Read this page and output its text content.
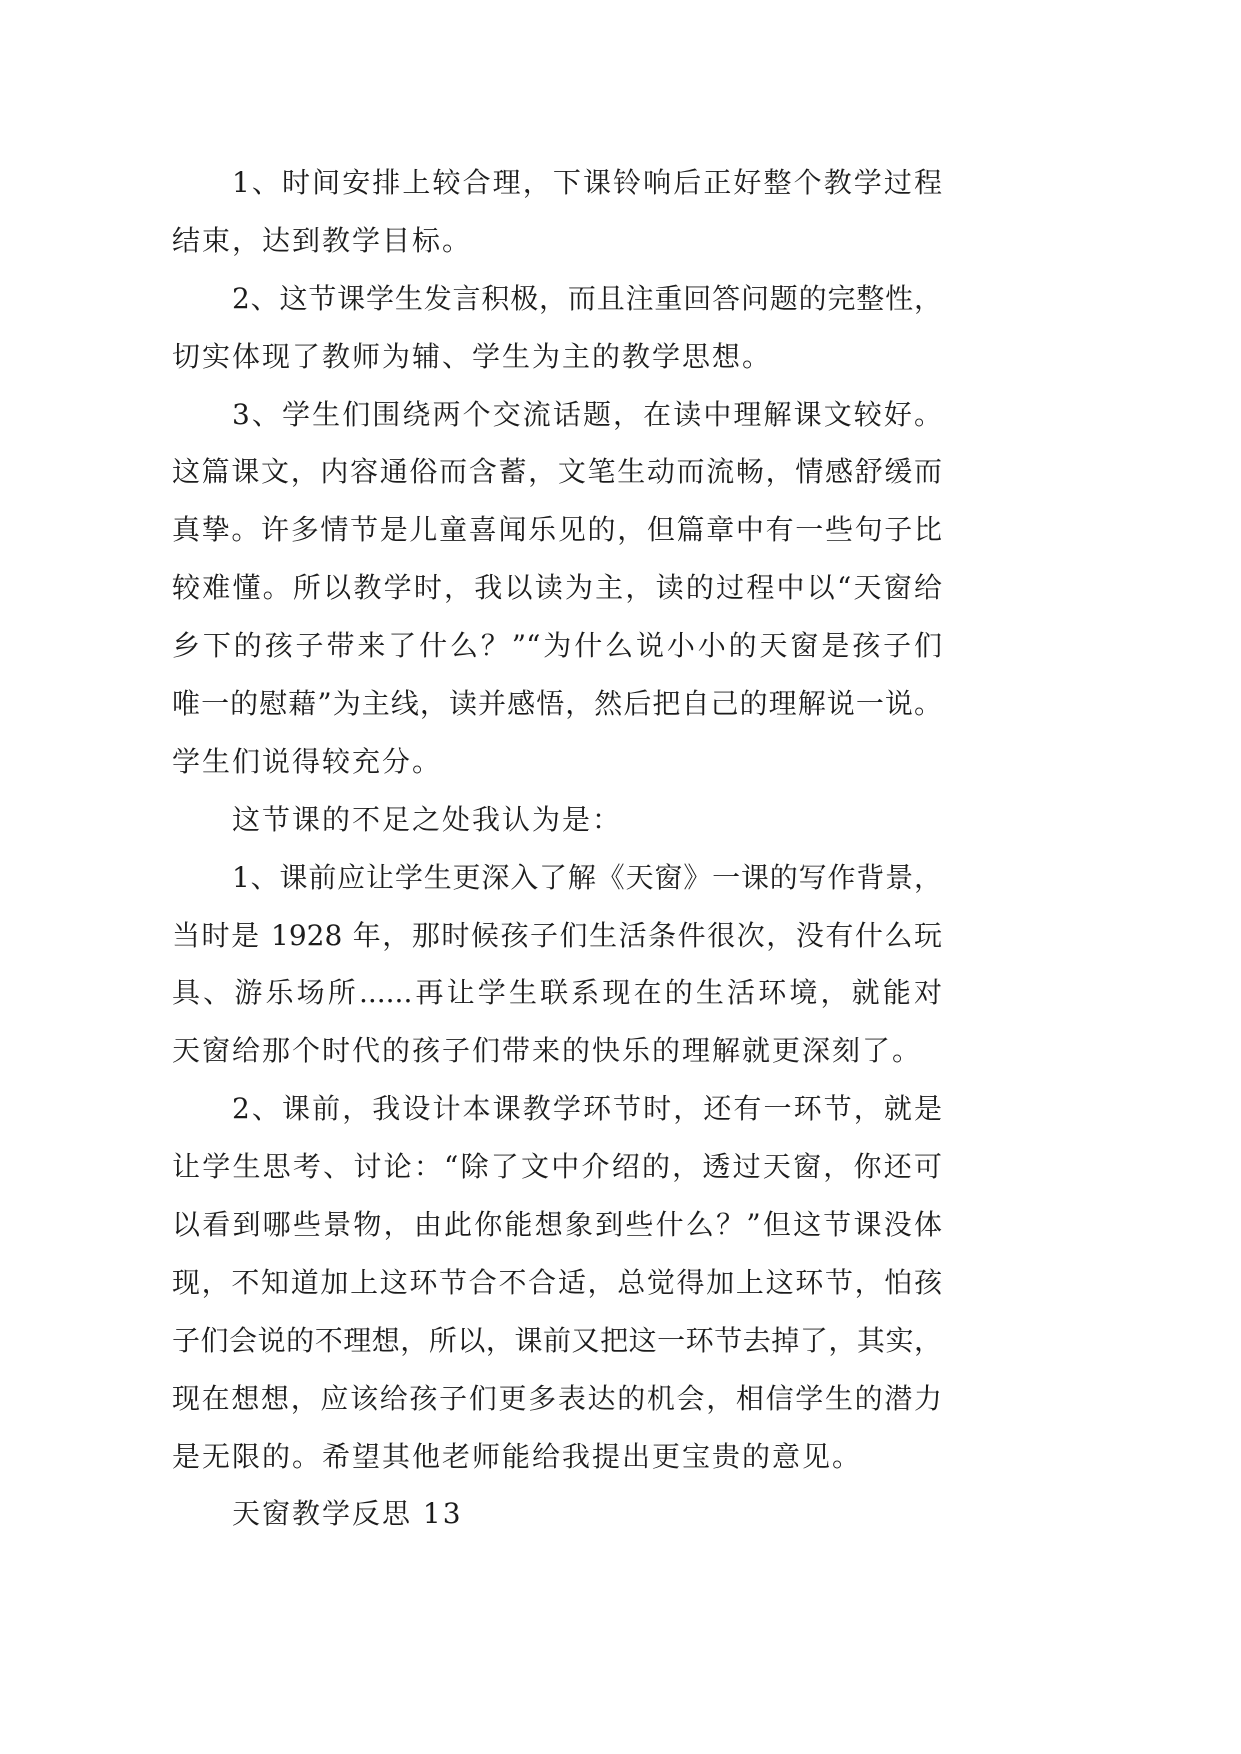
1、时间安排上较合理，下课铃响后正好整个教学过程
结束，达到教学目标。
2、这节课学生发言积极，而且注重回答问题的完整性，
切实体现了教师为辅、学生为主的教学思想。
3、学生们围绕两个交流话题，在读中理解课文较好。
这篇课文，内容通俗而含蓄，文笔生动而流畅，情感舒缓而
真挚。许多情节是儿童喜闻乐见的，但篇章中有一些句子比
较难懂。所以教学时，我以读为主，读的过程中以“天窗给
乡下的孩子带来了什么？”“为什么说小小的天窗是孩子们
唯一的慰藉”为主线，读并感悟，然后把自己的理解说一说。
学生们说得较充分。
这节课的不足之处我认为是：
1、课前应让学生更深入了解《天窗》一课的写作背景，
当时是 1928 年，那时候孩子们生活条件很次，没有什么玩
具、游乐场所......再让学生联系现在的生活环境，就能对
天窗给那个时代的孩子们带来的快乐的理解就更深刻了。
2、课前，我设计本课教学环节时，还有一环节，就是
让学生思考、讨论：“除了文中介绍的，透过天窗，你还可
以看到哪些景物，由此你能想象到些什么？”但这节课没体
现，不知道加上这环节合不合适，总觉得加上这环节，怕孩
子们会说的不理想，所以，课前又把这一环节去掉了，其实，
现在想想，应该给孩子们更多表达的机会，相信学生的潜力
是无限的。希望其他老师能给我提出更宝贵的意见。
天窗教学反思 13
